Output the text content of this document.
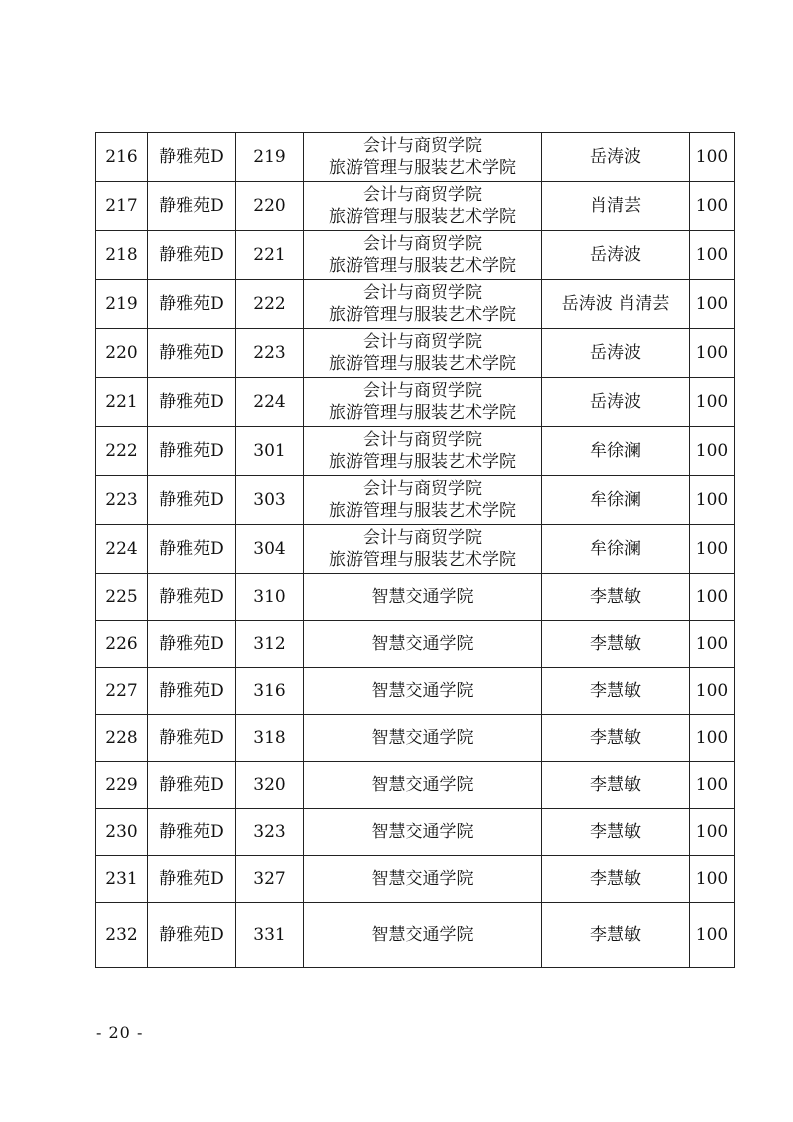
216	静雅苑D	219	会计与商贸学院
旅游管理与服装艺术学院	岳涛波	100
217	静雅苑D	220	会计与商贸学院
旅游管理与服装艺术学院	肖清芸	100
218	静雅苑D	221	会计与商贸学院
旅游管理与服装艺术学院	岳涛波	100
219	静雅苑D	222	会计与商贸学院
旅游管理与服装艺术学院	岳涛波 肖清芸	100
220	静雅苑D	223	会计与商贸学院
旅游管理与服装艺术学院	岳涛波	100
221	静雅苑D	224	会计与商贸学院
旅游管理与服装艺术学院	岳涛波	100
222	静雅苑D	301	会计与商贸学院
旅游管理与服装艺术学院	牟徐澜	100
223	静雅苑D	303	会计与商贸学院
旅游管理与服装艺术学院	牟徐澜	100
224	静雅苑D	304	会计与商贸学院
旅游管理与服装艺术学院	牟徐澜	100
225	静雅苑D	310	智慧交通学院	李慧敏	100
226	静雅苑D	312	智慧交通学院	李慧敏	100
227	静雅苑D	316	智慧交通学院	李慧敏	100
228	静雅苑D	318	智慧交通学院	李慧敏	100
229	静雅苑D	320	智慧交通学院	李慧敏	100
230	静雅苑D	323	智慧交通学院	李慧敏	100
231	静雅苑D	327	智慧交通学院	李慧敏	100
232	静雅苑D	331	智慧交通学院	李慧敏	100
- 20 -
